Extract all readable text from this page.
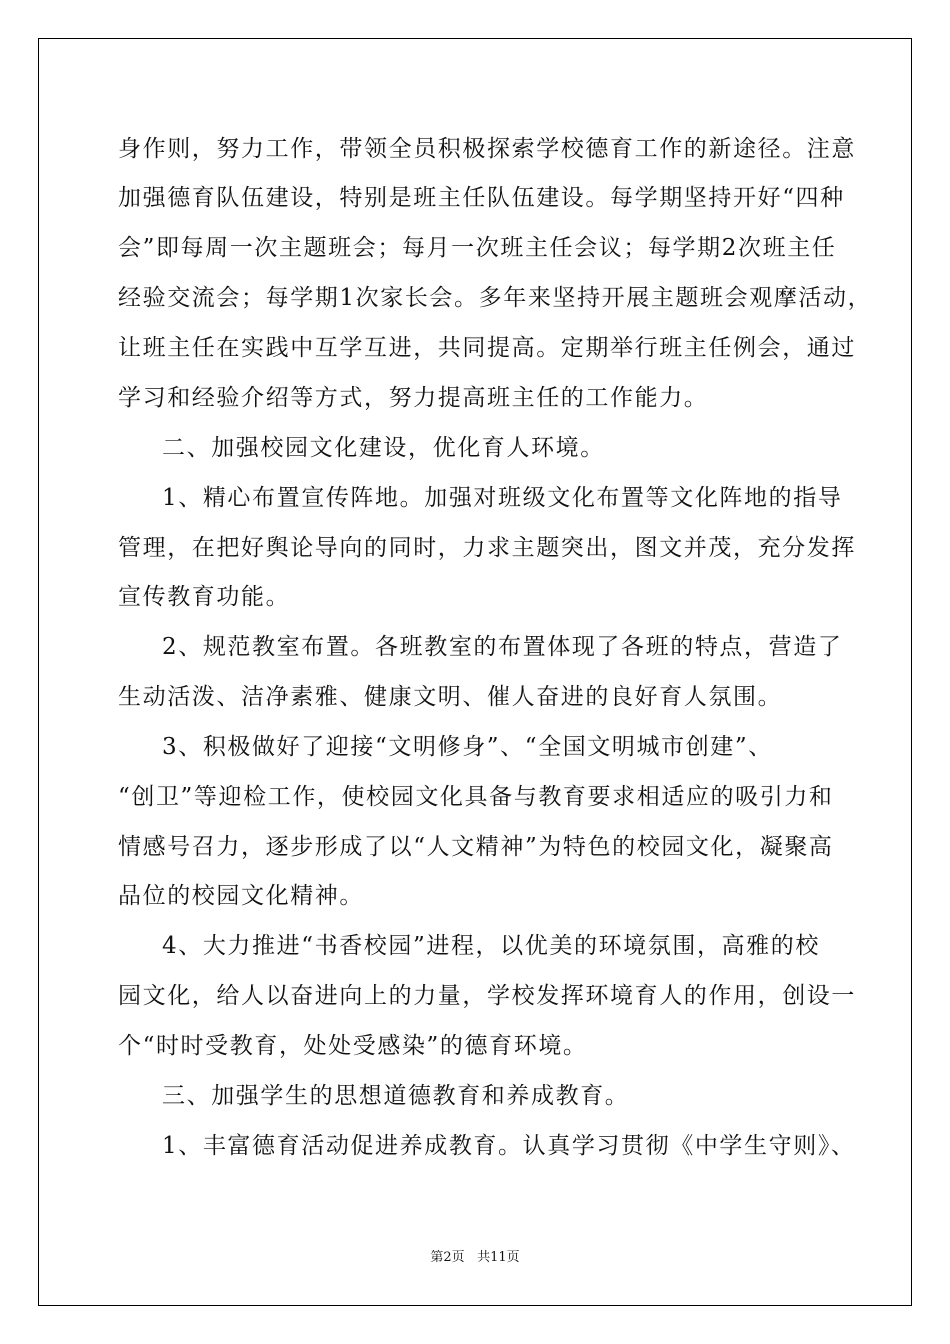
身作则，努力工作，带领全员积极探索学校德育工作的新途径。注意
加强德育队伍建设，特别是班主任队伍建设。每学期坚持开好“四种
会”即每周一次主题班会；每月一次班主任会议；每学期2次班主任
经验交流会；每学期1次家长会。多年来坚持开展主题班会观摩活动，
让班主任在实践中互学互进，共同提高。定期举行班主任例会，通过
学习和经验介绍等方式，努力提高班主任的工作能力。
二、加强校园文化建设，优化育人环境。
1、精心布置宣传阵地。加强对班级文化布置等文化阵地的指导
管理，在把好舆论导向的同时，力求主题突出，图文并茂，充分发挥
宣传教育功能。
2、规范教室布置。各班教室的布置体现了各班的特点，营造了
生动活泼、洁净素雅、健康文明、催人奋进的良好育人氛围。
3、积极做好了迎接“文明修身”、“全国文明城市创建”、
“创卫”等迎检工作，使校园文化具备与教育要求相适应的吸引力和
情感号召力，逐步形成了以“人文精神”为特色的校园文化，凝聚高
品位的校园文化精神。
4、大力推进“书香校园”进程，以优美的环境氛围，高雅的校
园文化，给人以奋进向上的力量，学校发挥环境育人的作用，创设一
个“时时受教育，处处受感染”的德育环境。
三、加强学生的思想道德教育和养成教育。
1、丰富德育活动促进养成教育。认真学习贯彻《中学生守则》、
第2页 共11页
